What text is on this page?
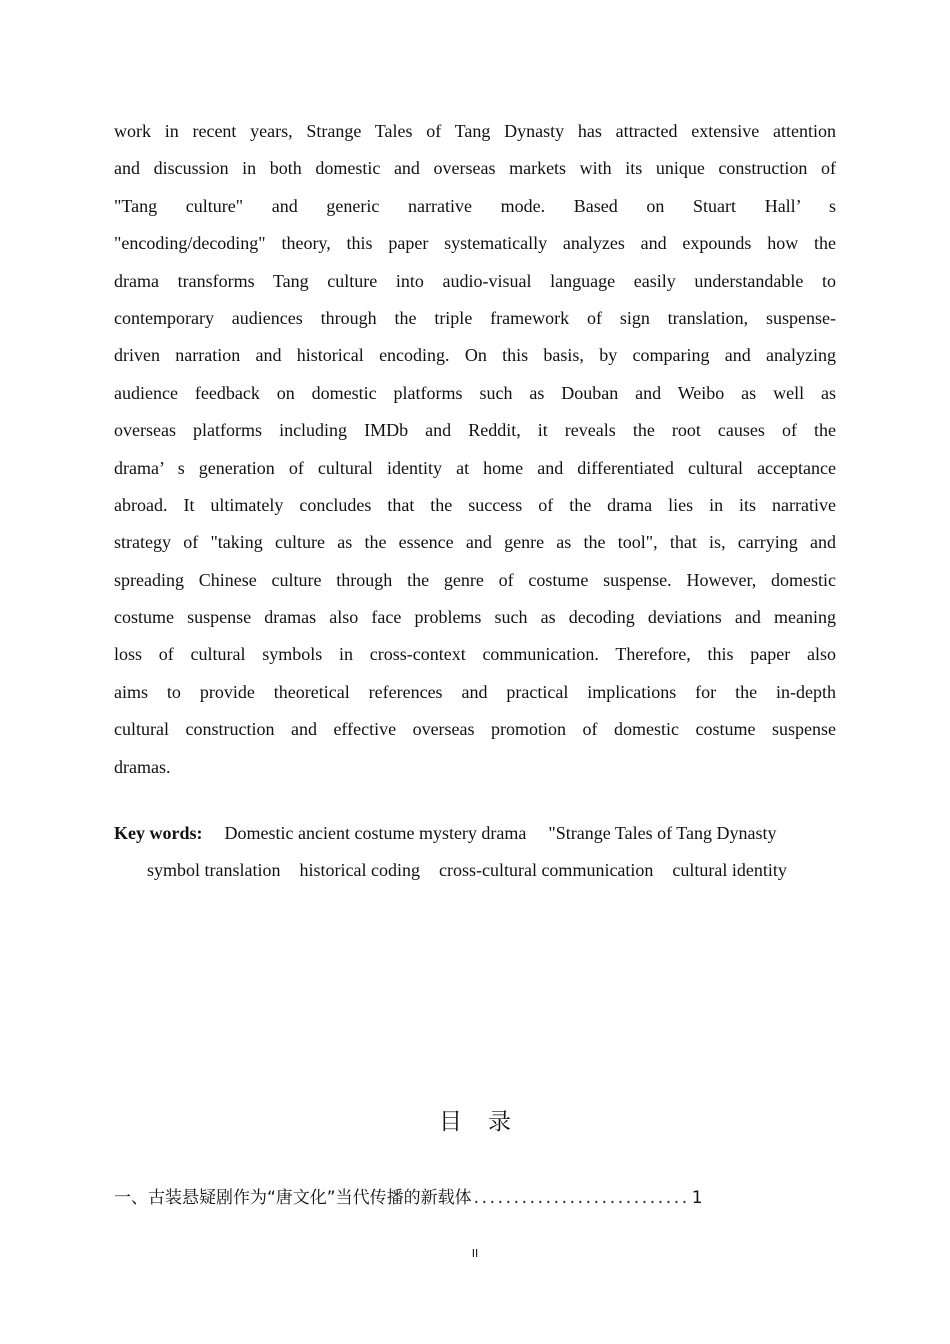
work in recent years, Strange Tales of Tang Dynasty has attracted extensive attention
and discussion in both domestic and overseas markets with its unique construction of
"Tang culture" and generic narrative mode. Based on Stuart Hall’ s
"encoding/decoding" theory, this paper systematically analyzes and expounds how the
drama transforms Tang culture into audio-visual language easily understandable to
contemporary audiences through the triple framework of sign translation, suspense-
driven narration and historical encoding. On this basis, by comparing and analyzing
audience feedback on domestic platforms such as Douban and Weibo as well as
overseas platforms including IMDb and Reddit, it reveals the root causes of the
drama’ s generation of cultural identity at home and differentiated cultural acceptance
abroad. It ultimately concludes that the success of the drama lies in its narrative
strategy of "taking culture as the essence and genre as the tool", that is, carrying and
spreading Chinese culture through the genre of costume suspense. However, domestic
costume suspense dramas also face problems such as decoding deviations and meaning
loss of cultural symbols in cross-context communication. Therefore, this paper also
aims to provide theoretical references and practical implications for the in-depth
cultural construction and effective overseas promotion of domestic costume suspense
dramas.
Key words: Domestic ancient costume mystery drama "Strange Tales of Tang Dynasty
symbol translation historical coding cross-cultural communication cultural identity
目录
一、古装悬疑剧作为“唐文化”当代传播的新载体 ........................... 1
II
